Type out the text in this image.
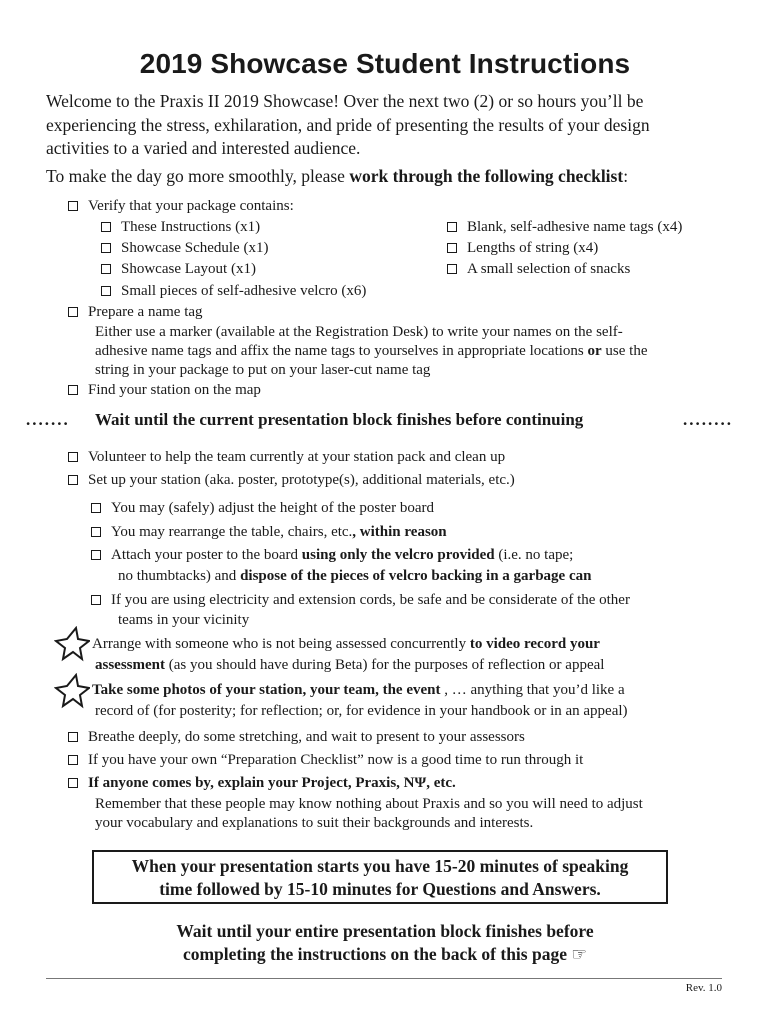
2019 Showcase Student Instructions
Welcome to the Praxis II 2019 Showcase! Over the next two (2) or so hours you’ll be
experiencing the stress, exhilaration, and pride of presenting the results of your design
activities to a varied and interested audience.
To make the day go more smoothly, please work through the following checklist:
Verify that your package contains:
These Instructions (x1)
Showcase Schedule (x1)
Showcase Layout (x1)
Small pieces of self-adhesive velcro (x6)
Blank, self-adhesive name tags (x4)
Lengths of string (x4)
A small selection of snacks
Prepare a name tag
Either use a marker (available at the Registration Desk) to write your names on the self-
adhesive name tags and affix the name tags to yourselves in appropriate locations or use the
string in your package to put on your laser-cut name tag
Find your station on the map
....... Wait until the current presentation block finishes before continuing	........
Volunteer to help the team currently at your station pack and clean up
Set up your station (aka. poster, prototype(s), additional materials, etc.)
You may (safely) adjust the height of the poster board
You may rearrange the table, chairs, etc., within reason
Attach your poster to the board using only the velcro provided (i.e. no tape;
no thumbtacks) and dispose of the pieces of velcro backing in a garbage can
If you are using electricity and extension cords, be safe and be considerate of the other
teams in your vicinity
Arrange with someone who is not being assessed concurrently to video record your
assessment (as you should have during Beta) for the purposes of reflection or appeal
Take some photos of your station, your team, the event , … anything that you’d like a
record of (for posterity; for reflection; or, for evidence in your handbook or in an appeal)
Breathe deeply, do some stretching, and wait to present to your assessors
If you have your own “Preparation Checklist” now is a good time to run through it
If anyone comes by, explain your Project, Praxis, NΨ, etc.
Remember that these people may know nothing about Praxis and so you will need to adjust
your vocabulary and explanations to suit their backgrounds and interests.
When your presentation starts you have 15-20 minutes of speaking
time followed by 15-10 minutes for Questions and Answers.
Wait until your entire presentation block finishes before
completing the instructions on the back of this page ☞
Rev. 1.0
